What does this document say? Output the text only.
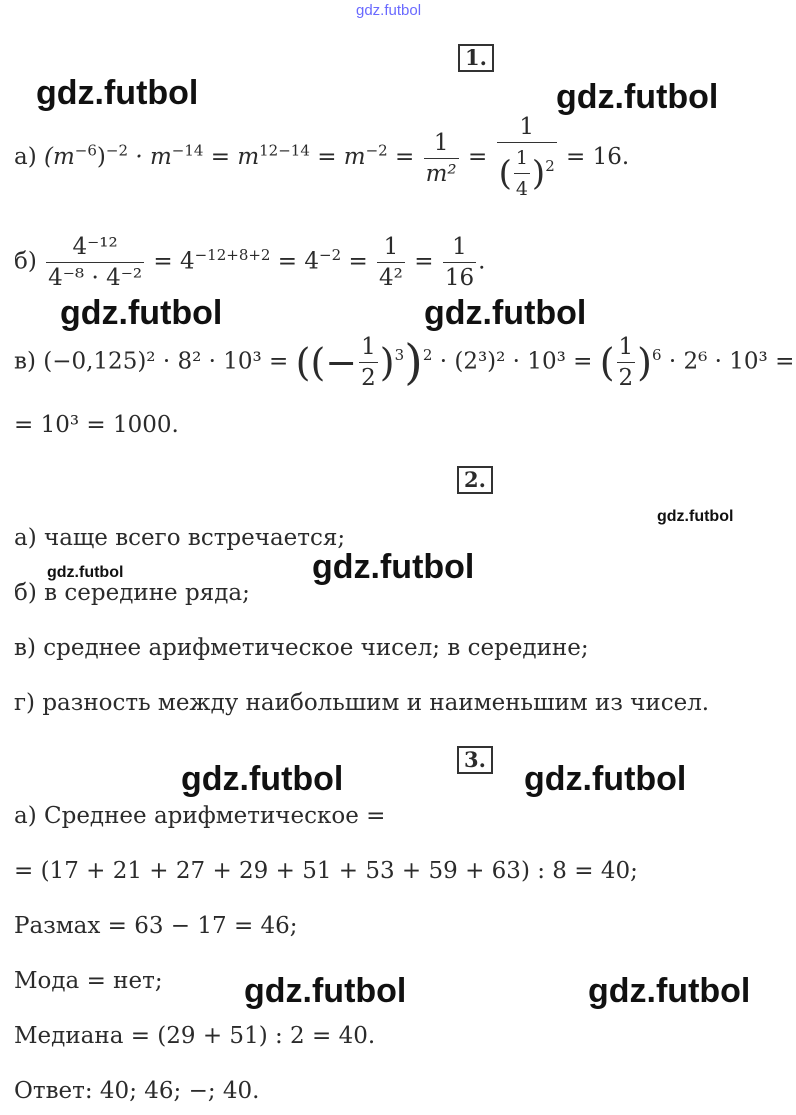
gdz.futbol
1.
а) $(m^{-6})^{-2} \cdot m^{-14} = m^{12-14} = m^{-2} = \frac{1}{\text{m²}} = \frac{1}{( \frac{1}{4} )^2} = 16$.
$б) \frac{\text{4⁻¹²}}{\text{4⁻⁸ · 4⁻²}} = 4^{-12+8+2} = 4^{-2} = \frac{1}{\text{4²}} = \frac{1}{16}$ .
в) (−0,125)² · 8² · 10³ = ((− $\frac{1}{2} )^3)^2 \cdot (2^3)^2 \cdot 10^3$ = ( $\frac{1}{2} )^6 \cdot 2^6 \cdot 10^3$ =
= 10³ = 1000.
2.
а) чаще всего встречается;
б) в середине ряда;
в) среднее арифметическое чисел; в середине;
г) разность между наибольшим и наименьшим из чисел.
3.
а) Среднее арифметическое =
= (17 + 21 + 27 + 29 + 51 + 53 + 59 + 63) : 8 = 40;
Размах = 63 − 17 = 46;
Мода = нет;
Медиана = (29 + 51) : 2 = 40.
Ответ: 40; 46; −; 40.
gdz.futbol	gdz.futbol
gdz.futbol	gdz.futbol
gdz.futbol
gdz.futbol	gdz.futbol
gdz.futbol	gdz.futbol
gdz.futbol	gdz.futbol
